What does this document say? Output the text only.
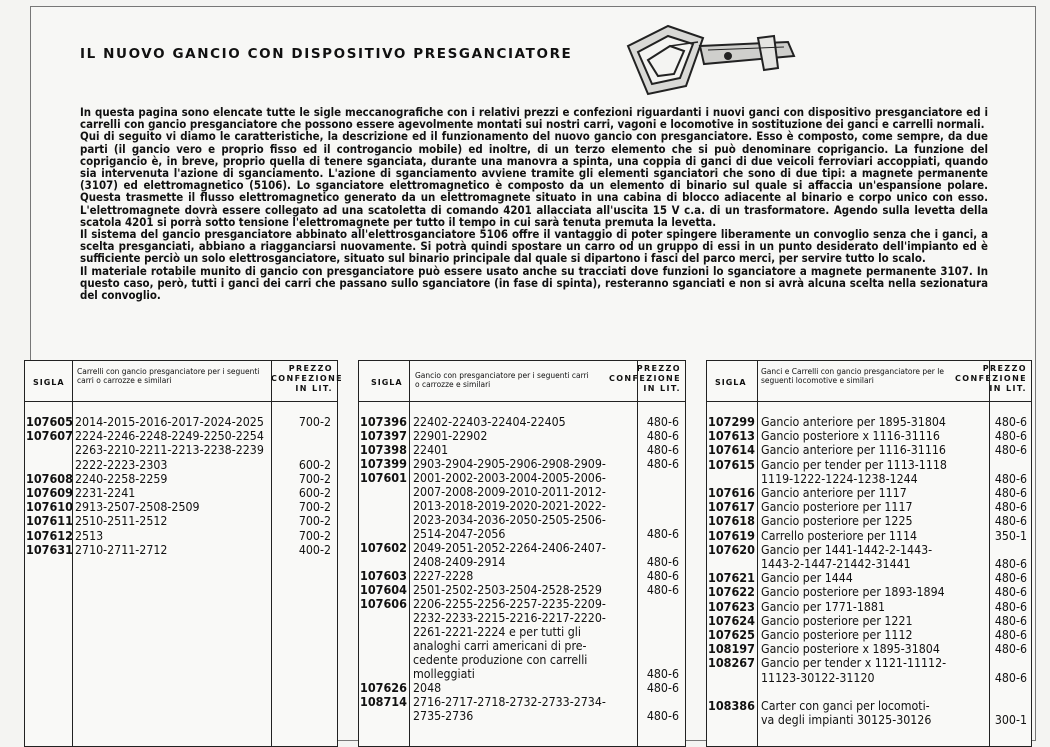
IL NUOVO GANCIO CON DISPOSITIVO PRESGANCIATORE

In questa pagina sono elencate tutte le sigle meccanografiche con i relativi prezzi e confezioni riguardanti i nuovi ganci con dispositivo presganciatore ed i carrelli con gancio presganciatore che possono essere agevolmente montati sui nostri carri, vagoni e locomotive in sostituzione dei ganci e carrelli normali.

Qui di seguito vi diamo le caratteristiche, la descrizione ed il funzionamento del nuovo gancio con presganciatore. Esso è composto, come sempre, da due parti (il gancio vero e proprio fisso ed il controgancio mobile) ed inoltre, di un terzo elemento che si può denominare coprigancio. La funzione del coprigancio è, in breve, proprio quella di tenere sganciata, durante una manovra a spinta, una coppia di ganci di due veicoli ferroviari accoppiati, quando sia intervenuta l'azione di sganciamento. L'azione di sganciamento avviene tramite gli elementi sganciatori che sono di due tipi: a magnete permanente (3107) ed elettromagnetico (5106). Lo sganciatore elettromagnetico è composto da un elemento di binario sul quale si affaccia un'espansione polare. Questa trasmette il flusso elettromagnetico generato da un elettromagnete situato in una cabina di blocco adiacente al binario e corpo unico con esso. L'elettromagnete dovrà essere collegato ad una scatoletta di comando 4201 allacciata all'uscita 15 V c.a. di un trasformatore. Agendo sulla levetta della scatola 4201 si porrà sotto tensione l'elettromagnete per tutto il tempo in cui sarà tenuta premuta la levetta.

Il sistema del gancio presganciatore abbinato all'elettrosganciatore 5106 offre il vantaggio di poter spingere liberamente un convoglio senza che i ganci, a scelta presganciati, abbiano a riagganciarsi nuovamente. Si potrà quindi spostare un carro od un gruppo di essi in un punto desiderato dell'impianto ed è sufficiente perciò un solo elettrosganciatore, situato sul binario principale dal quale si dipartono i fasci del parco merci, per servire tutto lo scalo.

Il materiale rotabile munito di gancio con presganciatore può essere usato anche su tracciati dove funzioni lo sganciatore a magnete permanente 3107. In questo caso, però, tutti i ganci dei carri che passano sullo sganciatore (in fase di spinta), resteranno sganciati e non si avrà alcuna scelta nella sezionatura del convoglio.

SIGLA
Carrelli con gancio presganciatore per i seguenti carri o carrozze e similari
PREZZO CONFEZIONE IN LIT.
107605 2014-2015-2016-2017-2024-2025	700-2
107607 2224-2246-2248-2249-2250-2254
2263-2210-2211-2213-2238-2239
2222-2223-2303	600-2
107608 2240-2258-2259	700-2
107609 2231-2241	600-2
107610 2913-2507-2508-2509	700-2
107611 2510-2511-2512	700-2
107612 2513	700-2
107631 2710-2711-2712	400-2
SIGLA
Gancio con presganciatore per i seguenti carri o carrozze e similari
PREZZO CONFEZIONE IN LIT.
107396 22402-22403-22404-22405	480-6
107397 22901-22902	480-6
107398 22401	480-6
107399 2903-2904-2905-2906-2908-2909-	480-6
107601 2001-2002-2003-2004-2005-2006-
2007-2008-2009-2010-2011-2012-
2013-2018-2019-2020-2021-2022-
2023-2034-2036-2050-2505-2506-
2514-2047-2056	480-6
107602 2049-2051-2052-2264-2406-2407-
2408-2409-2914	480-6
107603 2227-2228	480-6
107604 2501-2502-2503-2504-2528-2529	480-6
107606 2206-2255-2256-2257-2235-2209-
2232-2233-2215-2216-2217-2220-
2261-2221-2224 e per tutti gli
analoghi carri americani di pre-
cedente produzione con carrelli
molleggiati	480-6
107626 2048	480-6
108714 2716-2717-2718-2732-2733-2734-
2735-2736	480-6
SIGLA
Ganci e Carrelli con gancio presganciatore per le seguenti locomotive e similari
PREZZO CONFEZIONE IN LIT.
107299 Gancio anteriore per 1895-31804	480-6
107613 Gancio posteriore x 1116-31116	480-6
107614 Gancio anteriore per 1116-31116	480-6
107615 Gancio per tender per 1113-1118
1119-1222-1224-1238-1244	480-6
107616 Gancio anteriore per 1117	480-6
107617 Gancio posteriore per 1117	480-6
107618 Gancio posteriore per 1225	480-6
107619 Carrello posteriore per 1114	350-1
107620 Gancio per 1441-1442-2-1443-
1443-2-1447-21442-31441	480-6
107621 Gancio per 1444	480-6
107622 Gancio posteriore per 1893-1894	480-6
107623 Gancio per 1771-1881	480-6
107624 Gancio posteriore per 1221	480-6
107625 Gancio posteriore per 1112	480-6
108197 Gancio posteriore x 1895-31804	480-6
108267 Gancio per tender x 1121-11112-
11123-30122-31120	480-6
108386 Carter con ganci per locomoti-
va degli impianti 30125-30126	300-1
